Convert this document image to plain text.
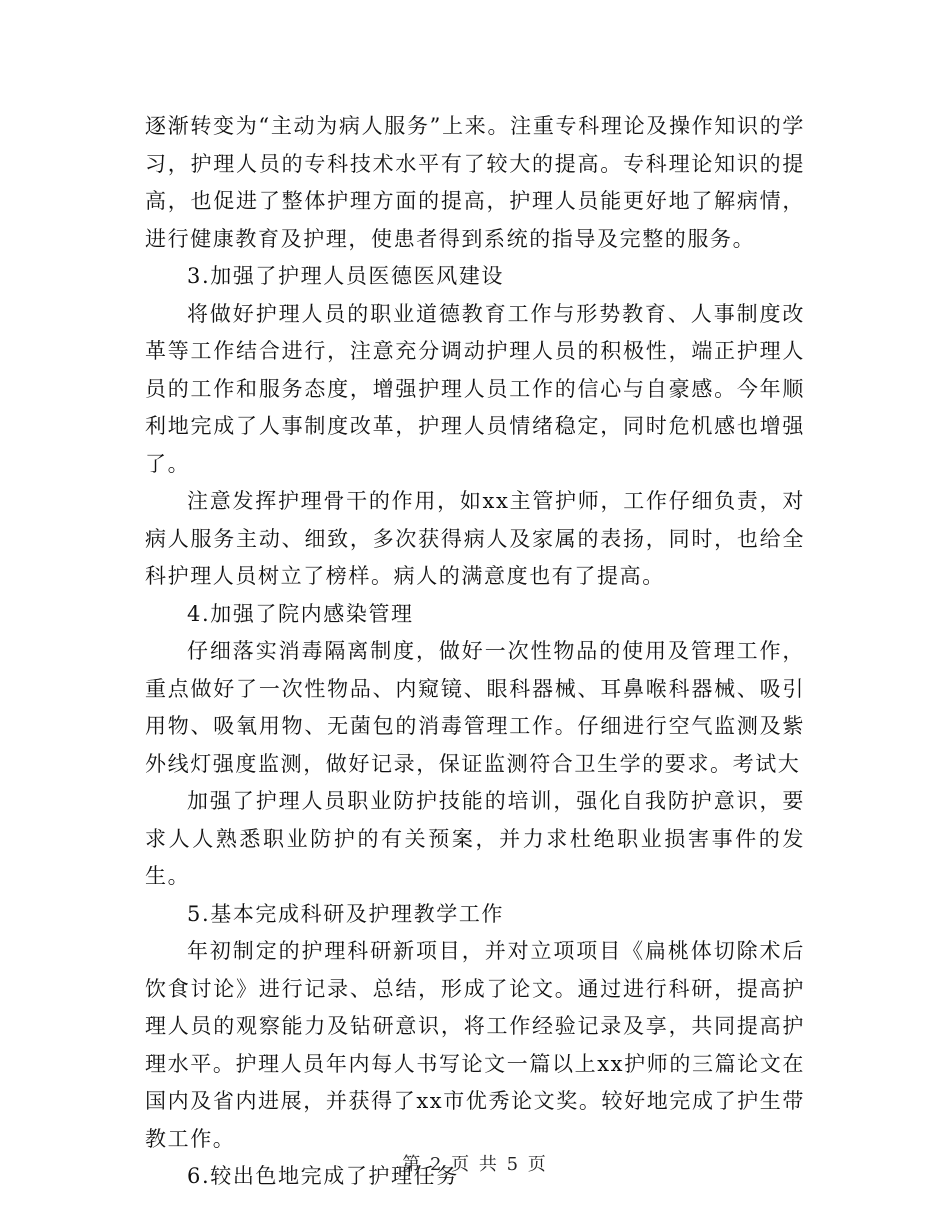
逐渐转变为“主动为病人服务”上来。注重专科理论及操作知识的学习，护理人员的专科技术水平有了较大的提高。专科理论知识的提高，也促进了整体护理方面的提高，护理人员能更好地了解病情，进行健康教育及护理，使患者得到系统的指导及完整的服务。

3.加强了护理人员医德医风建设

将做好护理人员的职业道德教育工作与形势教育、人事制度改革等工作结合进行，注意充分调动护理人员的积极性，端正护理人员的工作和服务态度，增强护理人员工作的信心与自豪感。今年顺利地完成了人事制度改革，护理人员情绪稳定，同时危机感也增强了。

注意发挥护理骨干的作用，如xx主管护师，工作仔细负责，对病人服务主动、细致，多次获得病人及家属的表扬，同时，也给全科护理人员树立了榜样。病人的满意度也有了提高。

4.加强了院内感染管理

仔细落实消毒隔离制度，做好一次性物品的使用及管理工作，重点做好了一次性物品、内窥镜、眼科器械、耳鼻喉科器械、吸引用物、吸氧用物、无菌包的消毒管理工作。仔细进行空气监测及紫外线灯强度监测，做好记录，保证监测符合卫生学的要求。考试大

加强了护理人员职业防护技能的培训，强化自我防护意识，要求人人熟悉职业防护的有关预案，并力求杜绝职业损害事件的发生。

5.基本完成科研及护理教学工作

年初制定的护理科研新项目，并对立项项目《扁桃体切除术后饮食讨论》进行记录、总结，形成了论文。通过进行科研，提高护理人员的观察能力及钻研意识，将工作经验记录及享，共同提高护理水平。护理人员年内每人书写论文一篇以上xx护师的三篇论文在国内及省内进展，并获得了xx市优秀论文奖。较好地完成了护生带教工作。

6.较出色地完成了护理任务

第 2 页 共 5 页
